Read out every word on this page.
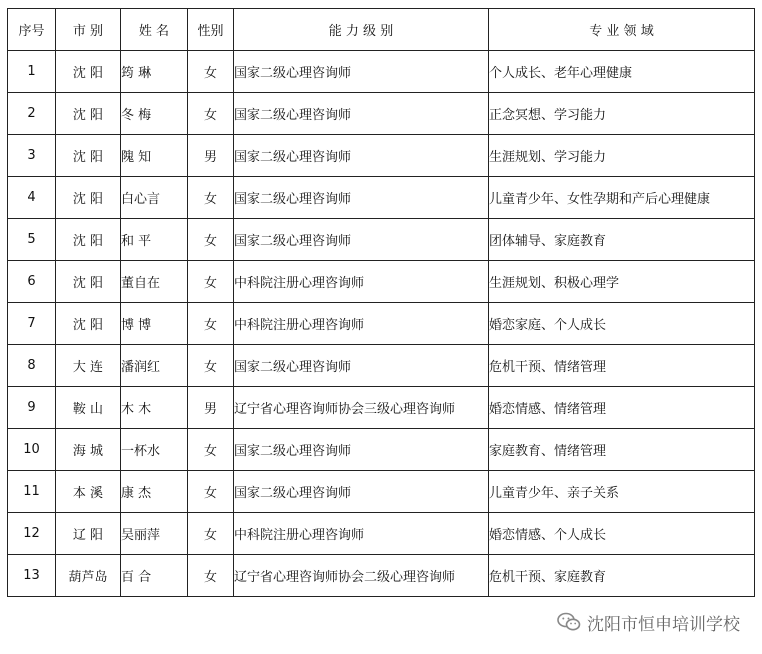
序号	市 别	姓 名	性别	能 力 级 别	专 业 领 域
1	沈 阳	筠 琳	女	国家二级心理咨询师	个人成长、老年心理健康
2	沈 阳	冬 梅	女	国家二级心理咨询师	正念冥想、学习能力
3	沈 阳	隗 知	男	国家二级心理咨询师	生涯规划、学习能力
4	沈 阳	白心言	女	国家二级心理咨询师	儿童青少年、女性孕期和产后心理健康
5	沈 阳	和 平	女	国家二级心理咨询师	团体辅导、家庭教育
6	沈 阳	董自在	女	中科院注册心理咨询师	生涯规划、积极心理学
7	沈 阳	博 博	女	中科院注册心理咨询师	婚恋家庭、个人成长
8	大 连	潘润红	女	国家二级心理咨询师	危机干预、情绪管理
9	鞍 山	木 木	男	辽宁省心理咨询师协会三级心理咨询师	婚恋情感、情绪管理
10	海 城	一杯水	女	国家二级心理咨询师	家庭教育、情绪管理
11	本 溪	康 杰	女	国家二级心理咨询师	儿童青少年、亲子关系
12	辽 阳	吴丽萍	女	中科院注册心理咨询师	婚恋情感、个人成长
13	葫芦岛	百 合	女	辽宁省心理咨询师协会二级心理咨询师	危机干预、家庭教育
沈阳市恒申培训学校
